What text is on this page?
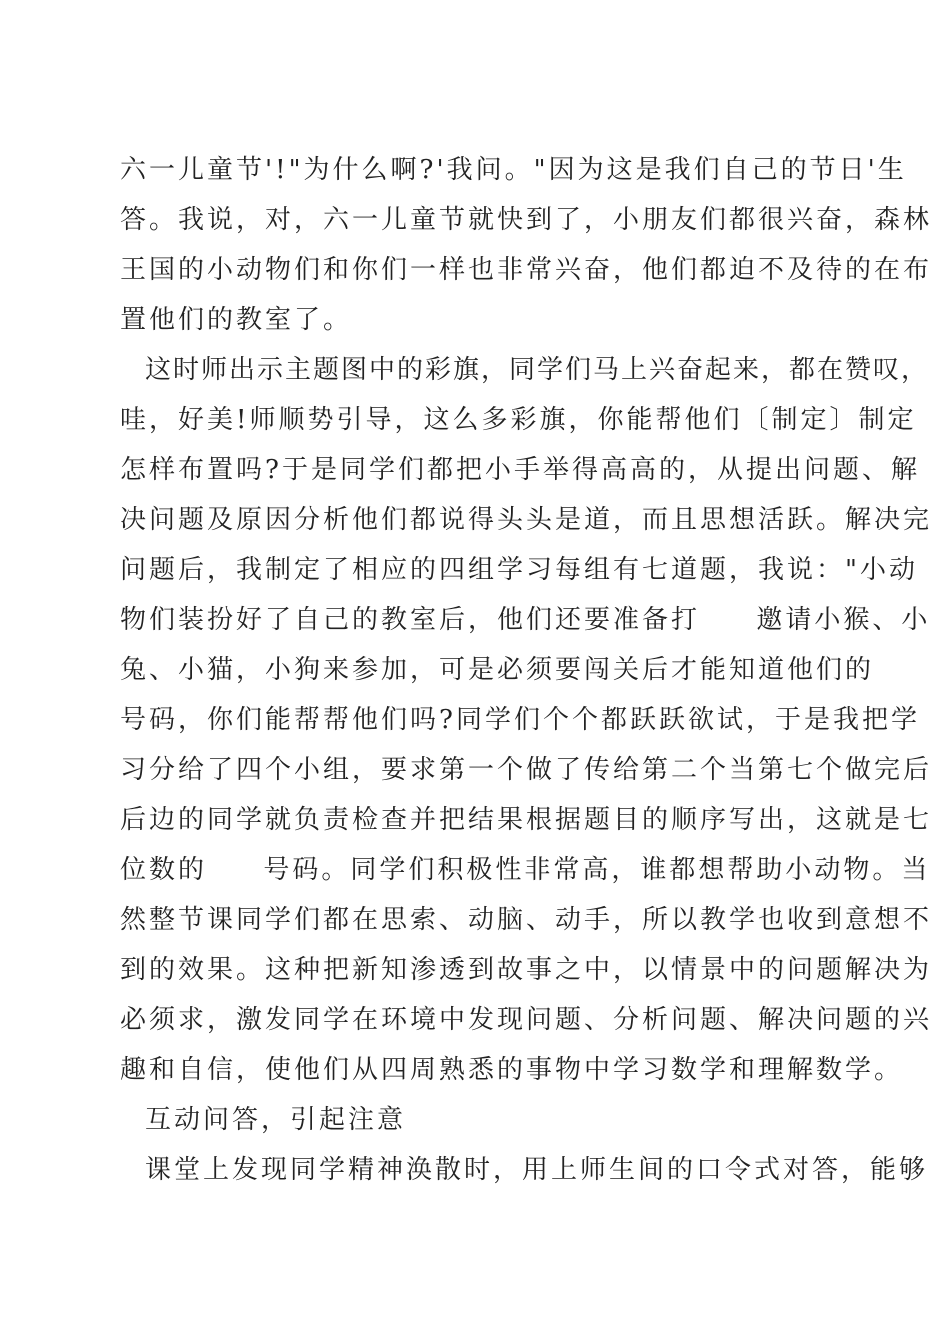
六一儿童节'!"为什么啊?'我问。"因为这是我们自己的节日'生
答。我说，对，六一儿童节就快到了，小朋友们都很兴奋，森林
王国的小动物们和你们一样也非常兴奋，他们都迫不及待的在布
置他们的教室了。
这时师出示主题图中的彩旗，同学们马上兴奋起来，都在赞叹，
哇，好美!师顺势引导，这么多彩旗，你能帮他们〔制定〕制定
怎样布置吗?于是同学们都把小手举得高高的，从提出问题、解
决问题及原因分析他们都说得头头是道，而且思想活跃。解决完
问题后，我制定了相应的四组学习每组有七道题，我说："小动
物们装扮好了自己的教室后，他们还要准备打     邀请小猴、小
兔、小猫，小狗来参加，可是必须要闯关后才能知道他们的
号码，你们能帮帮他们吗?同学们个个都跃跃欲试，于是我把学
习分给了四个小组，要求第一个做了传给第二个当第七个做完后
后边的同学就负责检查并把结果根据题目的顺序写出，这就是七
位数的     号码。同学们积极性非常高，谁都想帮助小动物。当
然整节课同学们都在思索、动脑、动手，所以教学也收到意想不
到的效果。这种把新知渗透到故事之中，以情景中的问题解决为
必须求，激发同学在环境中发现问题、分析问题、解决问题的兴
趣和自信，使他们从四周熟悉的事物中学习数学和理解数学。
互动问答，引起注意
课堂上发现同学精神涣散时，用上师生间的口令式对答，能够
